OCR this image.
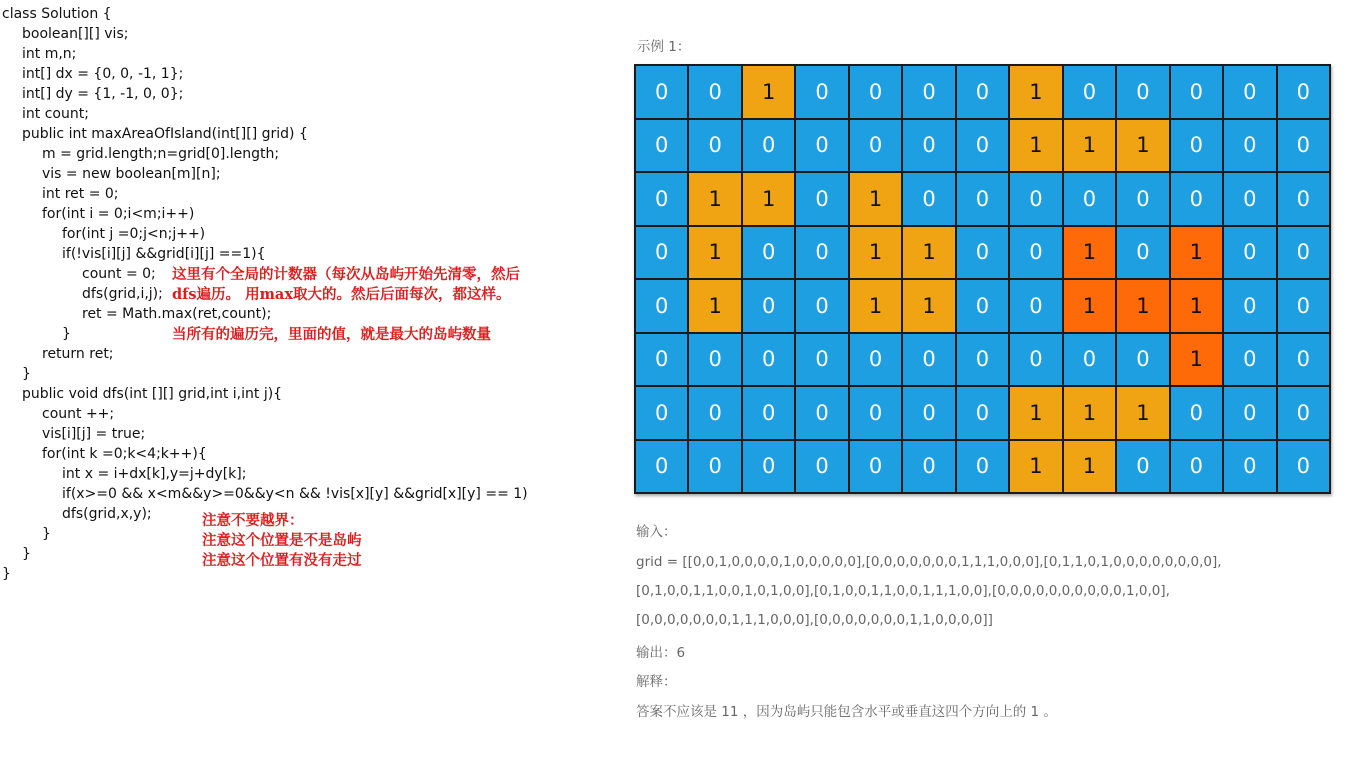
class Solution {
boolean[][] vis;
int m,n;
int[] dx = {0, 0, -1, 1};
int[] dy = {1, -1, 0, 0};
int count;
public int maxAreaOfIsland(int[][] grid) {
m = grid.length;n=grid[0].length;
vis = new boolean[m][n];
int ret = 0;
for(int i = 0;i<m;i++)
for(int j =0;j<n;j++)
if(!vis[i][j] &&grid[i][j] ==1){
count = 0;
dfs(grid,i,j);
ret = Math.max(ret,count);
}
return ret;
}
public void dfs(int [][] grid,int i,int j){
count ++;
vis[i][j] = true;
for(int k =0;k<4;k++){
int x = i+dx[k],y=j+dy[k];
if(x>=0 && x<m&&y>=0&&y<n && !vis[x][y] &&grid[x][y] == 1)
dfs(grid,x,y);
}
}
}
这里有个全局的计数器（每次从岛屿开始先清零，然后
dfs遍历。 用max取大的。然后后面每次，都这样。
当所有的遍历完，里面的值，就是最大的岛屿数量
注意不要越界：
注意这个位置是不是岛屿
注意这个位置有没有走过
示例 1：
0	0	1	0	0	0	0	1	0	0	0	0	0
0	0	0	0	0	0	0	1	1	1	0	0	0
0	1	1	0	1	0	0	0	0	0	0	0	0
0	1	0	0	1	1	0	0	1	0	1	0	0
0	1	0	0	1	1	0	0	1	1	1	0	0
0	0	0	0	0	0	0	0	0	0	1	0	0
0	0	0	0	0	0	0	1	1	1	0	0	0
0	0	0	0	0	0	0	1	1	0	0	0	0
输入：
grid = [[0,0,1,0,0,0,0,1,0,0,0,0,0],[0,0,0,0,0,0,0,1,1,1,0,0,0],[0,1,1,0,1,0,0,0,0,0,0,0,0],
[0,1,0,0,1,1,0,0,1,0,1,0,0],[0,1,0,0,1,1,0,0,1,1,1,0,0],[0,0,0,0,0,0,0,0,0,0,1,0,0],
[0,0,0,0,0,0,0,1,1,1,0,0,0],[0,0,0,0,0,0,0,1,1,0,0,0,0]]
输出：6
解释：
答案不应该是 11 ，因为岛屿只能包含水平或垂直这四个方向上的 1 。
